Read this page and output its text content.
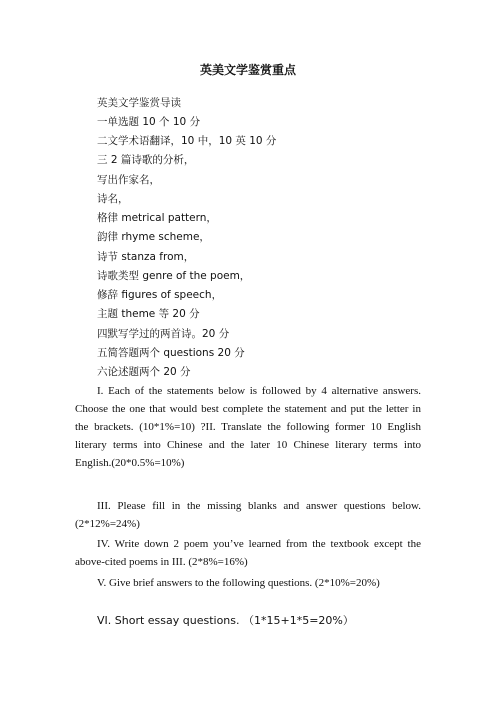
英美文学鉴赏重点
英美文学鉴赏导读
一单选题 10 个 10 分
二文学术语翻译，10 中，10 英 10 分
三 2 篇诗歌的分析，
写出作家名，
诗名，
格律 metrical pattern，
韵律 rhyme scheme，
诗节 stanza from，
诗歌类型 genre of the poem，
修辞 figures of speech，
主题 theme 等 20 分
四默写学过的两首诗。20 分
五简答题两个 questions 20 分
六论述题两个 20 分
I. Each of the statements below is followed by 4 alternative answers. Choose the one that would best complete the statement and put the letter in the brackets. (10*1%=10) ?II. Translate the following former 10 English literary terms into Chinese and the later 10 Chinese literary terms into English.(20*0.5%=10%)
III. Please fill in the missing blanks and answer questions below. (2*12%=24%)
IV. Write down 2 poem you’ve learned from the textbook except the above-cited poems in III. (2*8%=16%)
V. Give brief answers to the following questions. (2*10%=20%)
VI. Short essay questions. （1*15+1*5=20%）
